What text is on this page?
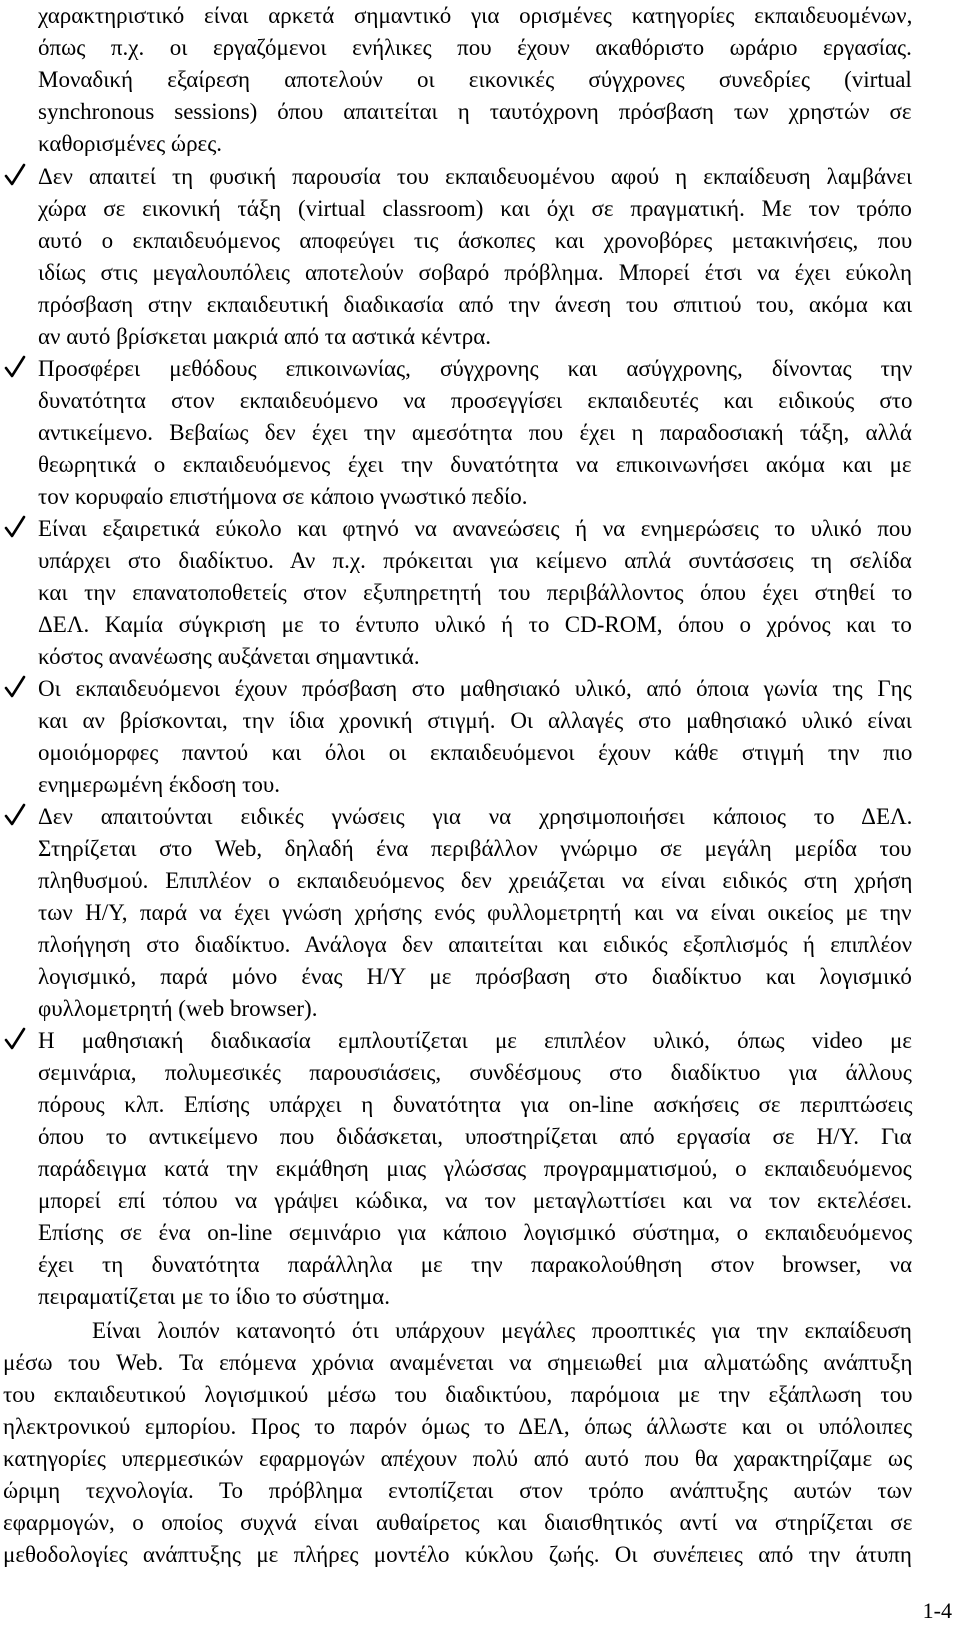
χαρακτηριστικό είναι αρκετά σημαντικό για ορισμένες κατηγορίες εκπαιδευομένων,
όπως π.χ. οι εργαζόμενοι ενήλικες που έχουν ακαθόριστο ωράριο εργασίας.
Μοναδική εξαίρεση αποτελούν οι εικονικές σύγχρονες συνεδρίες (virtual
synchronous sessions) όπου απαιτείται η ταυτόχρονη πρόσβαση των χρηστών σε
καθορισμένες ώρες.
Δεν απαιτεί τη φυσική παρουσία του εκπαιδευομένου αφού η εκπαίδευση λαμβάνει
χώρα σε εικονική τάξη (virtual classroom) και όχι σε πραγματική. Με τον τρόπο
αυτό ο εκπαιδευόμενος αποφεύγει τις άσκοπες και χρονοβόρες μετακινήσεις, που
ιδίως στις μεγαλουπόλεις αποτελούν σοβαρό πρόβλημα. Μπορεί έτσι να έχει εύκολη
πρόσβαση στην εκπαιδευτική διαδικασία από την άνεση του σπιτιού του, ακόμα και
αν αυτό βρίσκεται μακριά από τα αστικά κέντρα.
Προσφέρει μεθόδους επικοινωνίας, σύγχρονης και ασύγχρονης, δίνοντας την
δυνατότητα στον εκπαιδευόμενο να προσεγγίσει εκπαιδευτές και ειδικούς στο
αντικείμενο. Βεβαίως δεν έχει την αμεσότητα που έχει η παραδοσιακή τάξη, αλλά
θεωρητικά ο εκπαιδευόμενος έχει την δυνατότητα να επικοινωνήσει ακόμα και με
τον κορυφαίο επιστήμονα σε κάποιο γνωστικό πεδίο.
Είναι εξαιρετικά εύκολο και φτηνό να ανανεώσεις ή να ενημερώσεις το υλικό που
υπάρχει στο διαδίκτυο. Αν π.χ. πρόκειται για κείμενο απλά συντάσσεις τη σελίδα
και την επανατοποθετείς στον εξυπηρετητή του περιβάλλοντος όπου έχει στηθεί το
ΔΕΛ. Καμία σύγκριση με το έντυπο υλικό ή το CD-ROM, όπου ο χρόνος και το
κόστος ανανέωσης αυξάνεται σημαντικά.
Οι εκπαιδευόμενοι έχουν πρόσβαση στο μαθησιακό υλικό, από όποια γωνία της Γης
και αν βρίσκονται, την ίδια χρονική στιγμή. Οι αλλαγές στο μαθησιακό υλικό είναι
ομοιόμορφες παντού και όλοι οι εκπαιδευόμενοι έχουν κάθε στιγμή την πιο
ενημερωμένη έκδοση του.
Δεν απαιτούνται ειδικές γνώσεις για να χρησιμοποιήσει κάποιος το ΔΕΛ.
Στηρίζεται στο Web, δηλαδή ένα περιβάλλον γνώριμο σε μεγάλη μερίδα του
πληθυσμού. Επιπλέον ο εκπαιδευόμενος δεν χρειάζεται να είναι ειδικός στη χρήση
των Η/Υ, παρά να έχει γνώση χρήσης ενός φυλλομετρητή και να είναι οικείος με την
πλοήγηση στο διαδίκτυο. Ανάλογα δεν απαιτείται και ειδικός εξοπλισμός ή επιπλέον
λογισμικό, παρά μόνο ένας Η/Υ με πρόσβαση στο διαδίκτυο και λογισμικό
φυλλομετρητή (web browser).
Η μαθησιακή διαδικασία εμπλουτίζεται με επιπλέον υλικό, όπως video με
σεμινάρια, πολυμεσικές παρουσιάσεις, συνδέσμους στο διαδίκτυο για άλλους
πόρους κλπ. Επίσης υπάρχει η δυνατότητα για on-line ασκήσεις σε περιπτώσεις
όπου το αντικείμενο που διδάσκεται, υποστηρίζεται από εργασία σε Η/Υ. Για
παράδειγμα κατά την εκμάθηση μιας γλώσσας προγραμματισμού, ο εκπαιδευόμενος
μπορεί επί τόπου να γράψει κώδικα, να τον μεταγλωττίσει και να τον εκτελέσει.
Επίσης σε ένα on-line σεμινάριο για κάποιο λογισμικό σύστημα, ο εκπαιδευόμενος
έχει τη δυνατότητα παράλληλα με την παρακολούθηση στον browser, να
πειραματίζεται με το ίδιο το σύστημα.
Είναι λοιπόν κατανοητό ότι υπάρχουν μεγάλες προοπτικές για την εκπαίδευση
μέσω του Web. Τα επόμενα χρόνια αναμένεται να σημειωθεί μια αλματώδης ανάπτυξη
του εκπαιδευτικού λογισμικού μέσω του διαδικτύου, παρόμοια με την εξάπλωση του
ηλεκτρονικού εμπορίου. Προς το παρόν όμως το ΔΕΛ, όπως άλλωστε και οι υπόλοιπες
κατηγορίες υπερμεσικών εφαρμογών απέχουν πολύ από αυτό που θα χαρακτηρίζαμε ως
ώριμη τεχνολογία. Το πρόβλημα εντοπίζεται στον τρόπο ανάπτυξης αυτών των
εφαρμογών, ο οποίος συχνά είναι αυθαίρετος και διαισθητικός αντί να στηρίζεται σε
μεθοδολογίες ανάπτυξης με πλήρες μοντέλο κύκλου ζωής. Οι συνέπειες από την άτυπη
1-4
